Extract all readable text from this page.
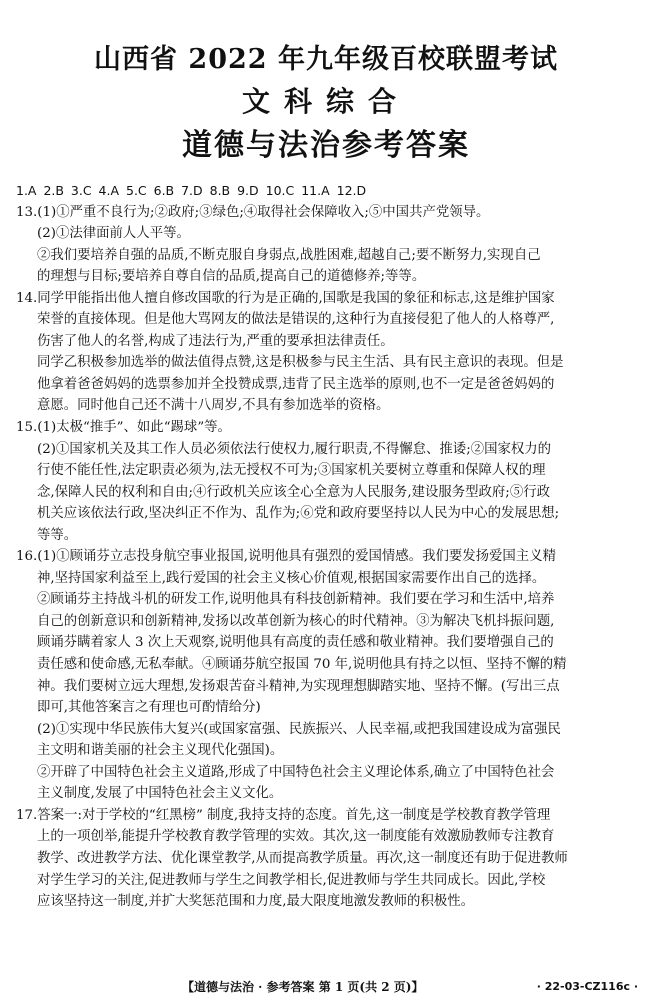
山西省 2022 年九年级百校联盟考试
文科综合
道德与法治参考答案
1.A 2.B 3.C 4.A 5.C 6.B 7.D 8.B 9.D 10.C 11.A 12.D
13.(1)①严重不良行为;②政府;③绿色;④取得社会保障收入;⑤中国共产党领导。
(2)①法律面前人人平等。
②我们要培养自强的品质,不断克服自身弱点,战胜困难,超越自己;要不断努力,实现自己
的理想与目标;要培养自尊自信的品质,提高自己的道德修养;等等。
14.同学甲能指出他人擅自修改国歌的行为是正确的,国歌是我国的象征和标志,这是维护国家
荣誉的直接体现。但是他大骂网友的做法是错误的,这种行为直接侵犯了他人的人格尊严,
伤害了他人的名誉,构成了违法行为,严重的要承担法律责任。
同学乙积极参加选举的做法值得点赞,这是积极参与民主生活、具有民主意识的表现。但是
他拿着爸爸妈妈的选票参加并全投赞成票,违背了民主选举的原则,也不一定是爸爸妈妈的
意愿。同时他自己还不满十八周岁,不具有参加选举的资格。
15.(1)太极“推手”、如此“踢球”等。
(2)①国家机关及其工作人员必须依法行使权力,履行职责,不得懈怠、推诿;②国家权力的
行使不能任性,法定职责必须为,法无授权不可为;③国家机关要树立尊重和保障人权的理
念,保障人民的权利和自由;④行政机关应该全心全意为人民服务,建设服务型政府;⑤行政
机关应该依法行政,坚决纠正不作为、乱作为;⑥党和政府要坚持以人民为中心的发展思想;
等等。
16.(1)①顾诵芬立志投身航空事业报国,说明他具有强烈的爱国情感。我们要发扬爱国主义精
神,坚持国家利益至上,践行爱国的社会主义核心价值观,根据国家需要作出自己的选择。
②顾诵芬主持战斗机的研发工作,说明他具有科技创新精神。我们要在学习和生活中,培养
自己的创新意识和创新精神,发扬以改革创新为核心的时代精神。③为解决飞机抖振问题,
顾诵芬瞒着家人 3 次上天观察,说明他具有高度的责任感和敬业精神。我们要增强自己的
责任感和使命感,无私奉献。④顾诵芬航空报国 70 年,说明他具有持之以恒、坚持不懈的精
神。我们要树立远大理想,发扬艰苦奋斗精神,为实现理想脚踏实地、坚持不懈。(写出三点
即可,其他答案言之有理也可酌情给分)
(2)①实现中华民族伟大复兴(或国家富强、民族振兴、人民幸福,或把我国建设成为富强民
主文明和谐美丽的社会主义现代化强国)。
②开辟了中国特色社会主义道路,形成了中国特色社会主义理论体系,确立了中国特色社会
主义制度,发展了中国特色社会主义文化。
17.答案一:对于学校的“红黑榜” 制度,我持支持的态度。首先,这一制度是学校教育教学管理
上的一项创举,能提升学校教育教学管理的实效。其次,这一制度能有效激励教师专注教育
教学、改进教学方法、优化课堂教学,从而提高教学质量。再次,这一制度还有助于促进教师
对学生学习的关注,促进教师与学生之间教学相长,促进教师与学生共同成长。因此,学校
应该坚持这一制度,并扩大奖惩范围和力度,最大限度地激发教师的积极性。
【道德与法治 · 参考答案 第 1 页(共 2 页)】	· 22-03-CZ116c ·
